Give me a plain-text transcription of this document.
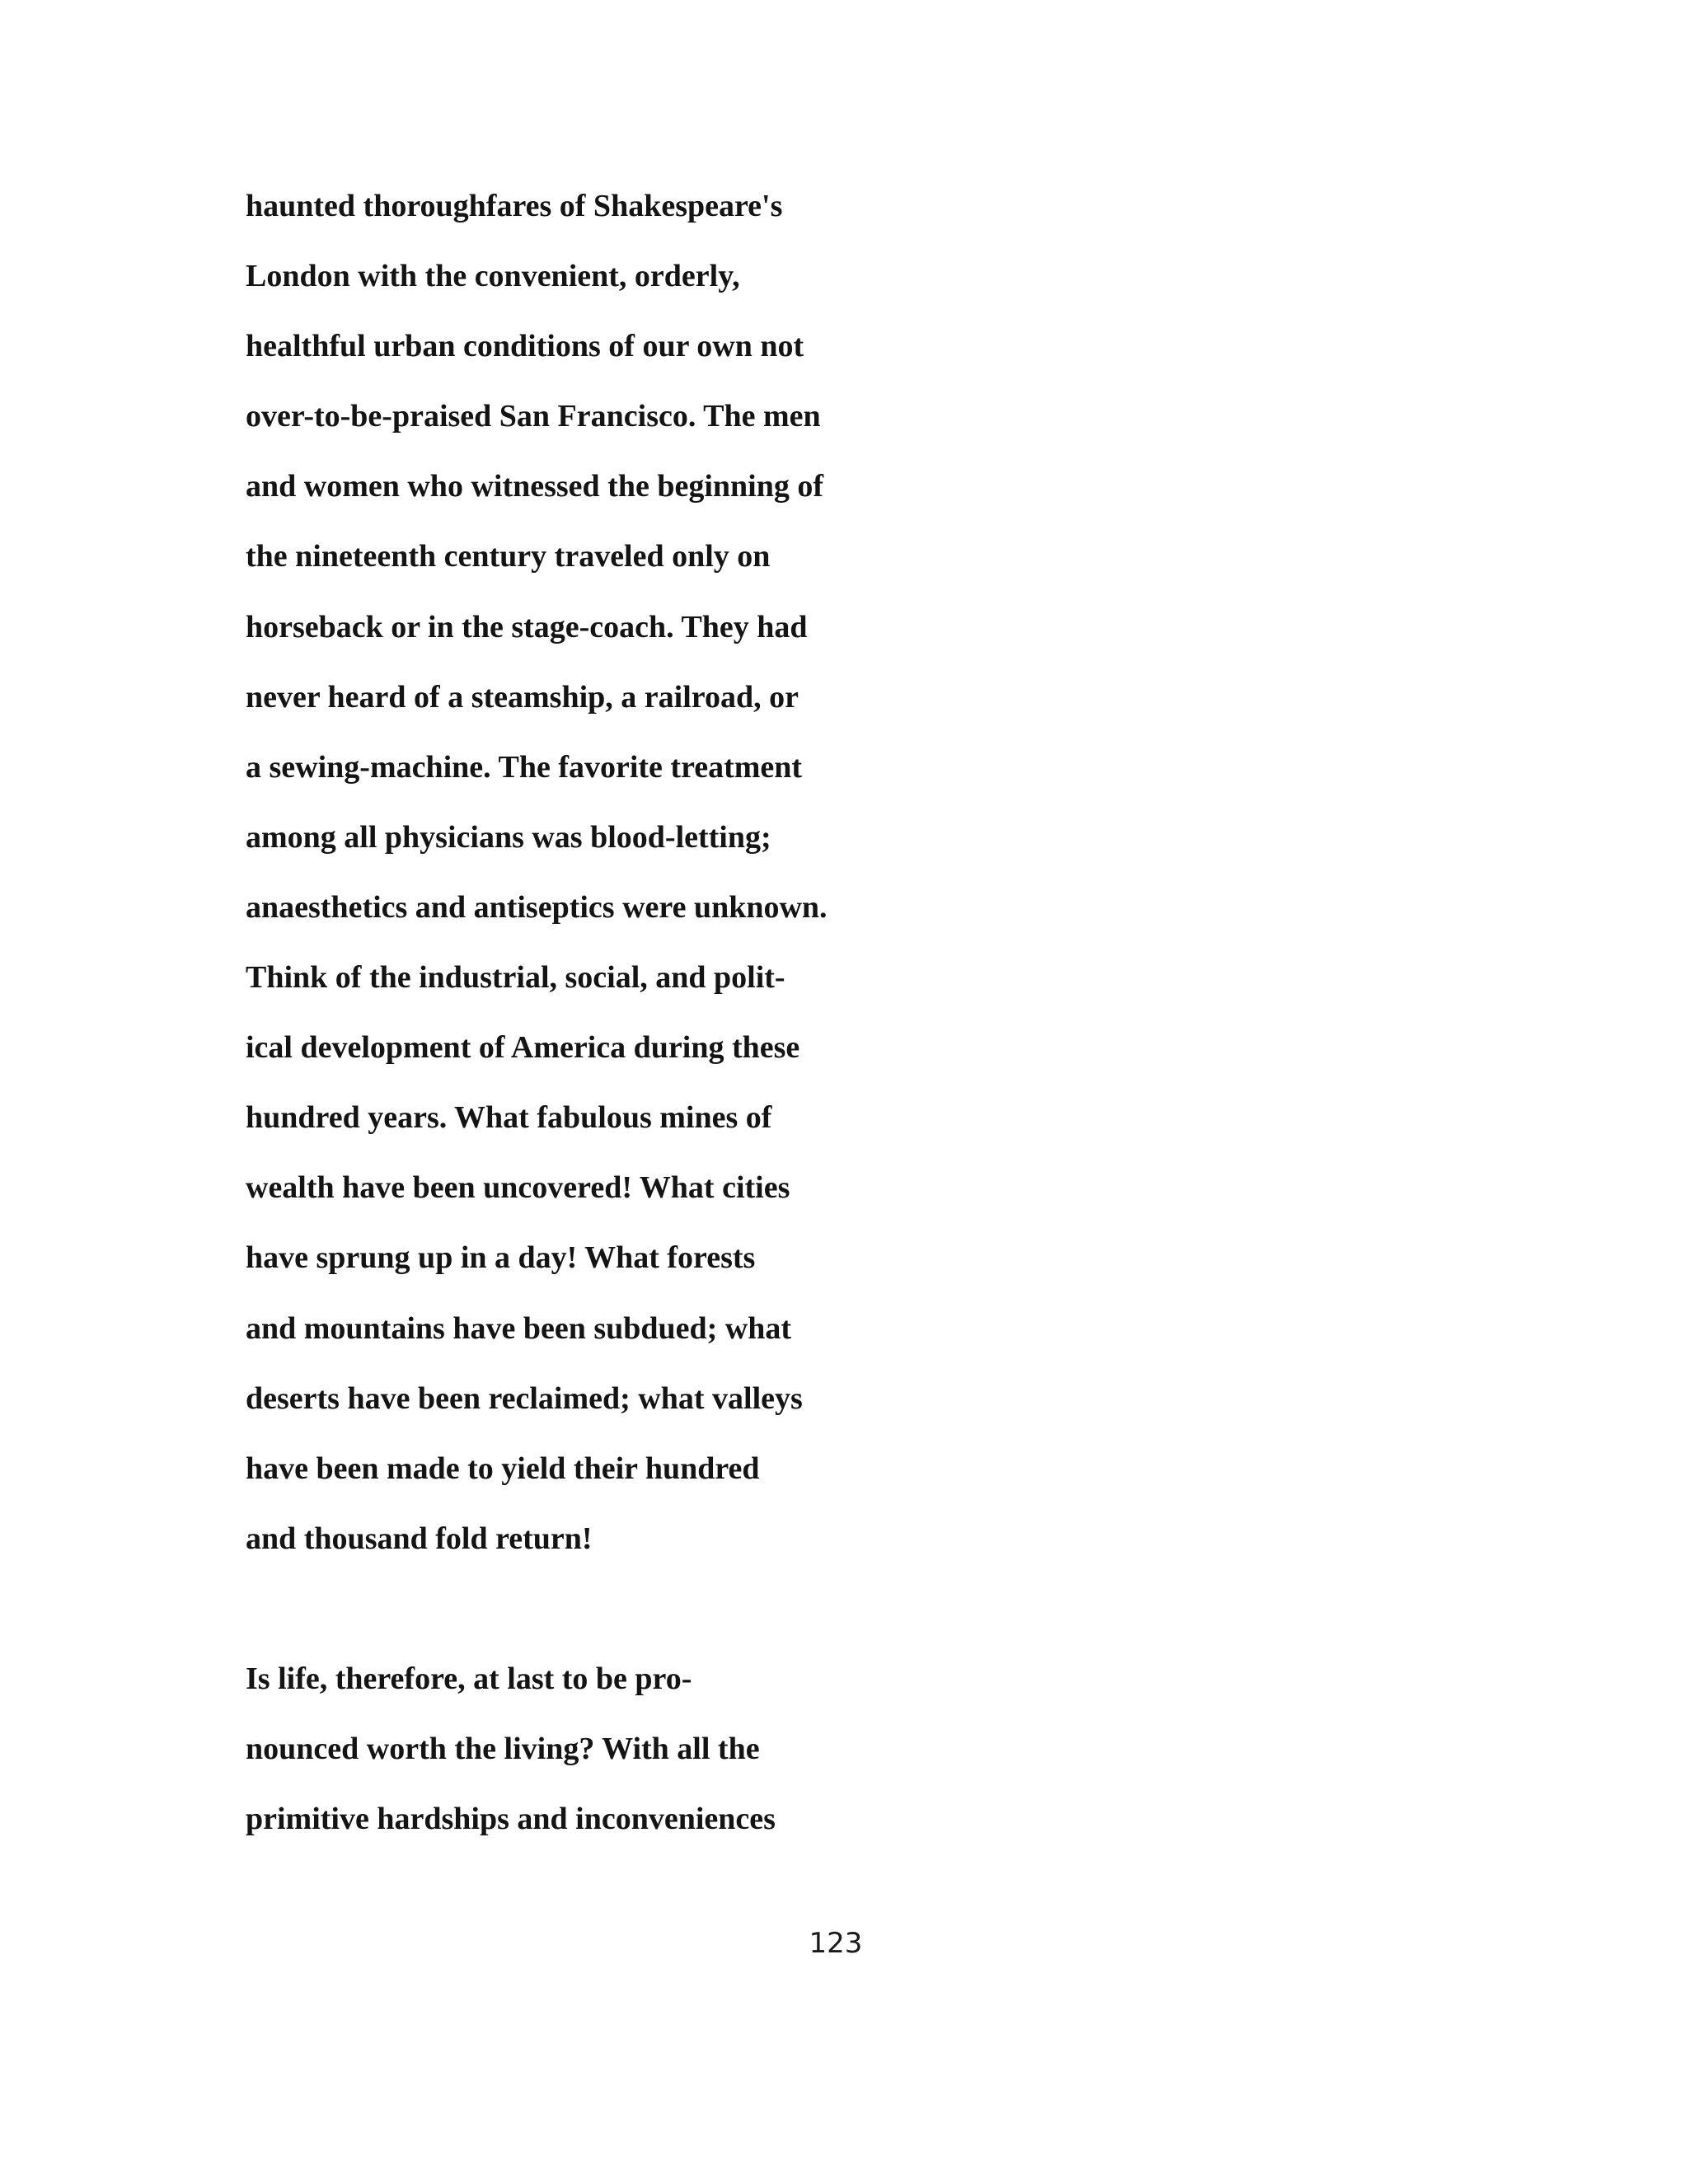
haunted thoroughfares of Shakespeare's
London with the convenient, orderly,
healthful urban conditions of our own not
over-to-be-praised San Francisco. The men
and women who witnessed the beginning of
the nineteenth century traveled only on
horseback or in the stage-coach. They had
never heard of a steamship, a railroad, or
a sewing-machine. The favorite treatment
among all physicians was blood-letting;
anaesthetics and antiseptics were unknown.
Think of the industrial, social, and polit-
ical development of America during these
hundred years. What fabulous mines of
wealth have been uncovered! What cities
have sprung up in a day! What forests
and mountains have been subdued; what
deserts have been reclaimed; what valleys
have been made to yield their hundred
and thousand fold return!
Is life, therefore, at last to be pro-
nounced worth the living? With all the
primitive hardships and inconveniences
123
